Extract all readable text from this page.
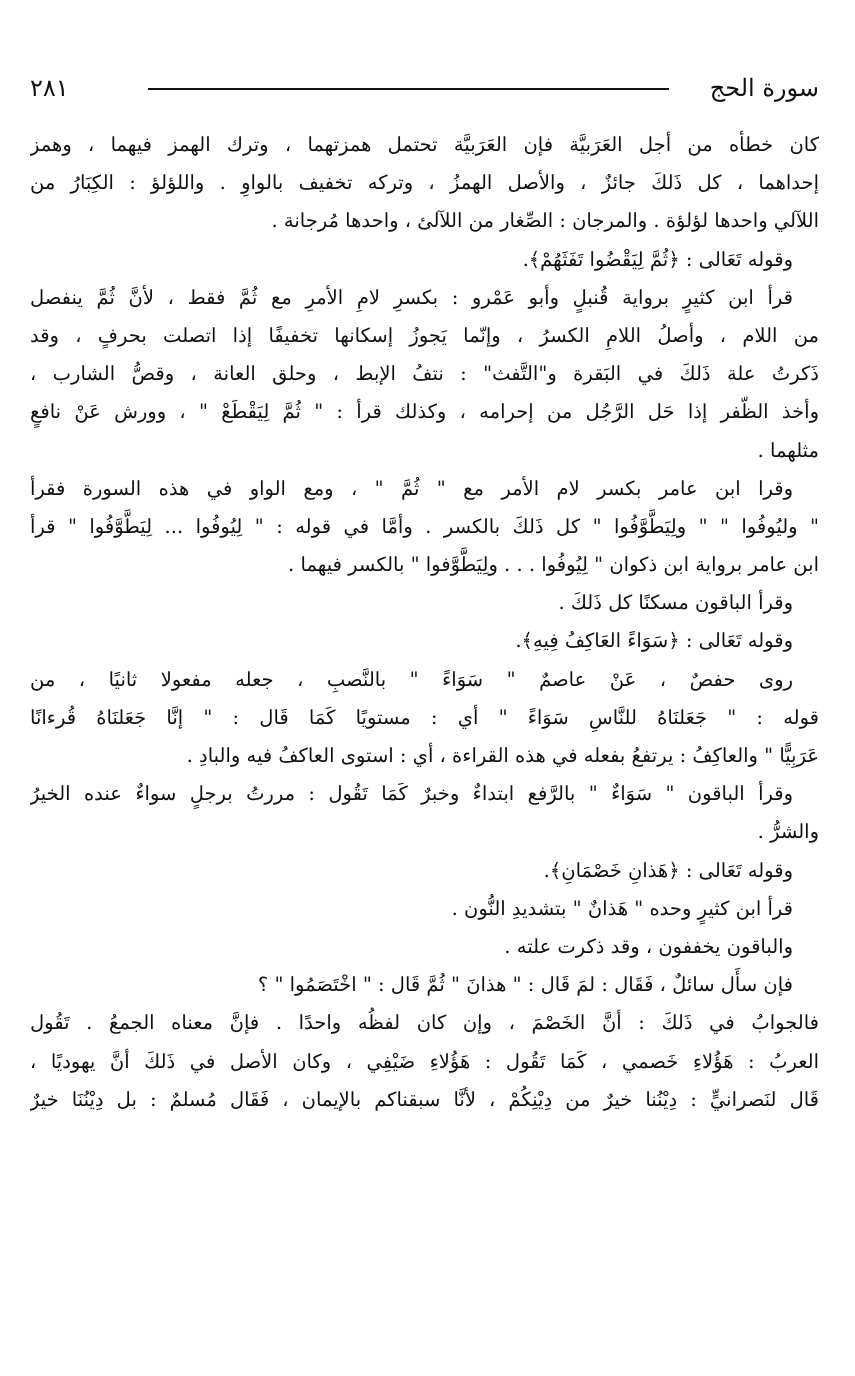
سورة الحج
٢٨١
كان خطأه من أجل العَرَبيَّة فإن العَرَبيَّة تحتمل همزتهما ، وترك الهمز فيهما ، وهمز
إحداهما ، كل ذَلكَ جائزٌ ، والأصل الهمزُ ، وتركه تخفيف بالواوِ . واللؤلؤ : الكِبَارُ من
اللآلي واحدها لؤلؤة . والمرجان : الصِّغار من اللآلئ ، واحدها مُرجانة .
وقوله تَعَالى : ﴿ثُمَّ لِيَقْضُوا تَفَثَهُمْ﴾.
قرأ ابن كثيرٍ برواية قُنبلٍ وأبو عَمْرو : بكسرِ لامِ الأمرِ مع ثُمَّ فقط ، لأنَّ ثُمَّ ينفصل
من اللام ، وأصلُ اللامِ الكسرُ ، وإنّما يَجوزُ إسكانها تخفيفًا إذا اتصلت بحرفٍ ، وقد
ذَكرتُ علة ذَلكَ في البَقرة و"التَّفث" : نتفُ الإبط ، وحلق العانة ، وقصُّ الشارب ،
وأخذ الظّفر إذا حَل الرَّجُل من إحرامه ، وكذلك قرأ : " ثُمَّ لِيَقْطَعْ " ، وورش عَنْ نافعٍ
مثلهما .
وقرا ابن عامر بكسر لام الأمر مع " ثُمَّ " ، ومع الواو في هذه السورة فقرأ
" وليُوفُوا " " ولِيَطَّوَّفُوا " كل ذَلكَ بالكسر . وأمَّا في قوله : " لِيُوفُوا ... لِيَطَّوَّفُوا " قرأ
ابن عامر برواية ابن ذكوان " لِيُوفُوا . . . ولِيَطَّوَّفوا " بالكسر فيهما .
وقرأ الباقون مسكنًا كل ذَلكَ .
وقوله تَعَالى : ﴿سَوَاءً العَاكِفُ فِيهِ﴾.
روى حفصٌ ، عَنْ عاصمٌ " سَوَاءً " بالنَّصبِ ، جعله مفعولا ثانيًا ، من
قوله : " جَعَلنَاهُ للنَّاسِ سَوَاءً " أي : مستويًا كَمَا قَال : " إنَّا جَعَلنَاهُ قُرءانًا
عَرَبِيًّا " والعاكِفُ : يرتفعُ بفعله في هذه القراءة ، أي : استوى العاكفُ فيه والبادِ .
وقرأ الباقون " سَوَاءٌ " بالرَّفع ابتداءٌ وخبرٌ كَمَا تَقُول : مررتُ برجلٍ سواءٌ عنده الخيرُ
والشرُّ .
وقوله تَعَالى : ﴿هَذانِ خَصْمَانِ﴾.
قرأ ابن كثيرٍ وحده " هَذانٌ " بتشديدِ النُّون .
والباقون يخففون ، وقد ذكرت علته .
فإن سأَل سائلٌ ، فَقَال : لمَ قَال : " هذانَ " ثُمَّ قَال : " اخْتَصَمُوا " ؟
فالجوابُ في ذَلكَ : أنَّ الخَصْمَ ، وإن كان لفظُه واحدًا . فإنَّ معناه الجمعُ . تَقُول
العربُ : هَؤُلاءِ خَصمي ، كَمَا تَقُول : هَؤُلاءِ ضَيْفِي ، وكان الأصل في ذَلكَ أنَّ يهوديًا ،
قَال لنَصرانيٍّ : دِيْنُنا خيرٌ من دِيْنِكُمْ ، لأنَّا سبقناكم بالإيمان ، فَقَال مُسلمٌ : بل دِيْنُنَا خيرٌ
